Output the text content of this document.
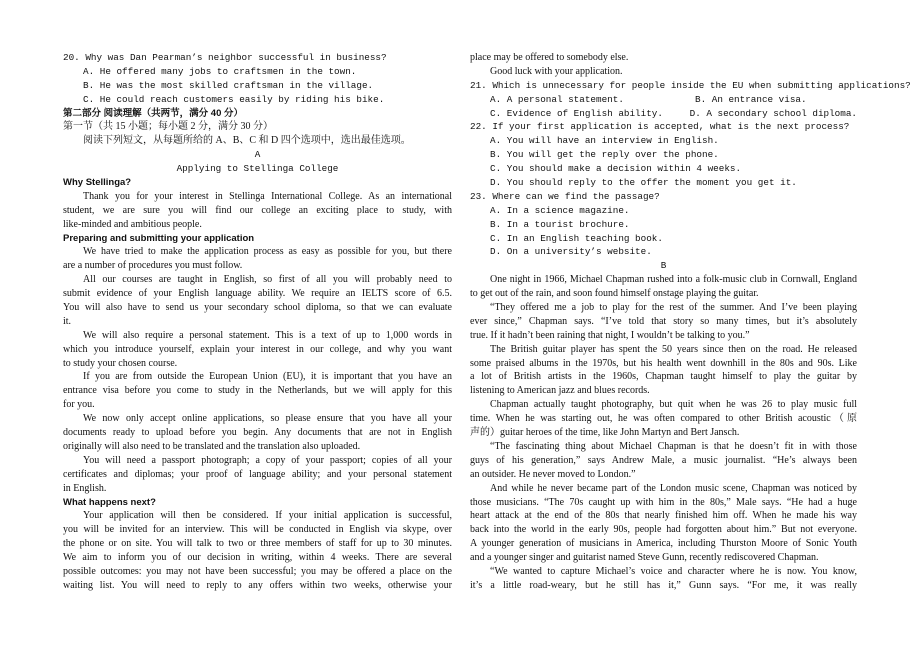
20. Why was Dan Pearman’s neighbor successful in business?
A. He offered many jobs to craftsmen in the town.
B. He was the most skilled craftsman in the village.
C. He could reach customers easily by riding his bike.
第二部分 阅读理解（共两节，满分 40 分）
第一节（共 15 小题；每小题 2 分，满分 30 分）
阅读下列短文，从每题所给的 A、B、C 和 D 四个选项中，选出最佳选项。
A
Applying to Stellinga College
Why Stellinga?
Thank you for your interest in Stellinga International College. As an international
student, we are sure you will find our college an exciting place to study, with
like-minded and ambitious people.
Preparing and submitting your application
We have tried to make the application process as easy as possible for you, but there
are a number of procedures you must follow.
All our courses are taught in English, so first of all you will probably need to
submit evidence of your English language ability. We require an IELTS score of 6.5.
You will also have to send us your secondary school diploma, so that we can evaluate
it.
We will also require a personal statement. This is a text of up to 1,000 words in
which you introduce yourself, explain your interest in our college, and why you want
to study your chosen course.
If you are from outside the European Union (EU), it is important that you have an
entrance visa before you come to study in the Netherlands, but we will apply for this
for you.
We now only accept online applications, so please ensure that you have all your
documents ready to upload before you begin. Any documents that are not in English
originally will also need to be translated and the translation also uploaded.
You will need a passport photograph; a copy of your passport; copies of all your
certificates and diplomas; your proof of language ability; and your personal statement
in English.
What happens next?
Your application will then be considered. If your initial application is successful,
you will be invited for an interview. This will be conducted in English via skype, over
the phone or on site. You will talk to two or three members of staff for up to 30 minutes.
We aim to inform you of our decision in writing, within 4 weeks. There are several
possible outcomes: you may not have been successful; you may be offered a place on the
waiting list. You will need to reply to any offers within two weeks, otherwise your
place may be offered to somebody else.
Good luck with your application.
21. Which is unnecessary for people inside the EU when submitting applications?
A. A personal statement.	B. An entrance visa.
C. Evidence of English ability.	D. A secondary school diploma.
22. If your first application is accepted, what is the next process?
A. You will have an interview in English.
B. You will get the reply over the phone.
C. You should make a decision within 4 weeks.
D. You should reply to the offer the moment you get it.
23. Where can we find the passage?
A. In a science magazine.
B. In a tourist brochure.
C. In an English teaching book.
D. On a university’s website.
B
One night in 1966, Michael Chapman rushed into a folk-music club in Cornwall, England
to get out of the rain, and soon found himself onstage playing the guitar.
“They offered me a job to play for the rest of the summer. And I’ve been playing
ever since,” Chapman says. “I’ve told that story so many times, but it’s absolutely
true. If it hadn’t been raining that night, I wouldn’t be talking to you.”
The British guitar player has spent the 50 years since then on the road. He released
some praised albums in the 1970s, but his health went downhill in the 80s and 90s. Like
a lot of British artists in the 1960s, Chapman taught himself to play the guitar by
listening to American jazz and blues records.
Chapman actually taught photography, but quit when he was 26 to play music full
time. When he was starting out, he was often compared to other British acoustic（原
声的）guitar heroes of the time, like John Martyn and Bert Jansch.
“The fascinating thing about Michael Chapman is that he doesn’t fit in with those
guys of his generation,” says Andrew Male, a music journalist. “He’s always been
an outsider. He never moved to London.”
And while he never became part of the London music scene, Chapman was noticed by
those musicians. “The 70s caught up with him in the 80s,” Male says. “He had a huge
heart attack at the end of the 80s that nearly finished him off. When he made his way
back into the world in the early 90s, people had forgotten about him.” But not everyone.
A younger generation of musicians in America, including Thurston Moore of Sonic Youth
and a younger singer and guitarist named Steve Gunn, recently rediscovered Chapman.
“We wanted to capture Michael’s voice and character where he is now. You know,
it’s a little road-weary, but he still has it,” Gunn says. “For me, it was really
